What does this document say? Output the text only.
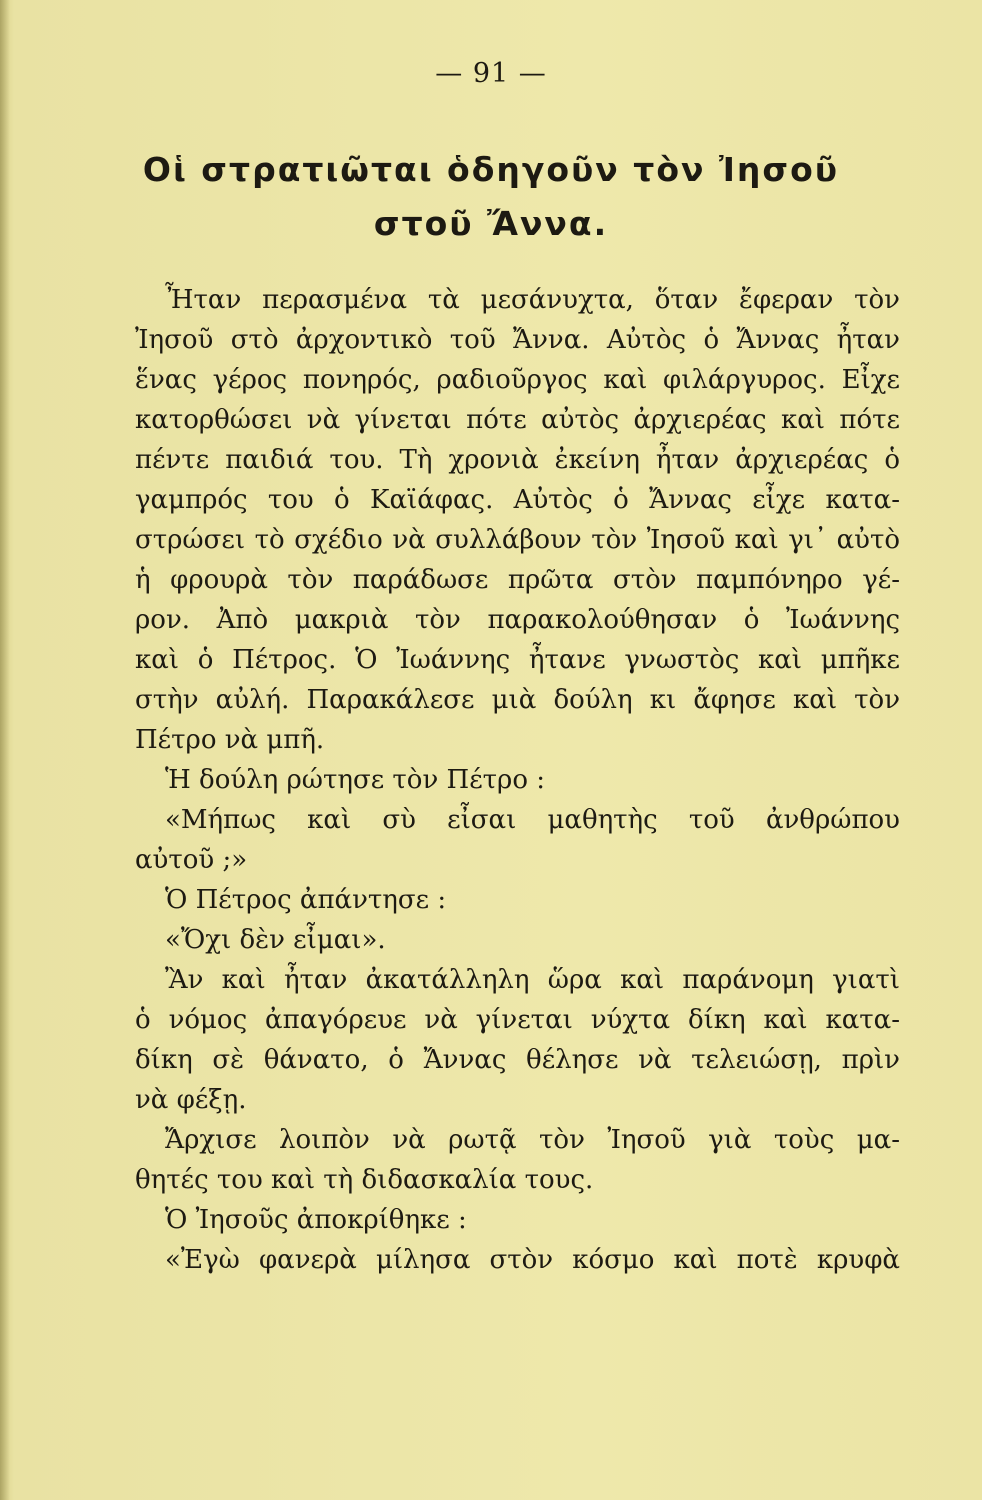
— 91 —
Οἱ στρατιῶται ὁδηγοῦν τὸν Ἰησοῦ
στοῦ Ἄννα.
Ἦταν περασμένα τὰ μεσάνυχτα, ὅταν ἔφεραν τὸν
Ἰησοῦ στὸ ἀρχοντικὸ τοῦ Ἄννα. Αὐτὸς ὁ Ἄννας ἦταν
ἕνας γέρος πονηρός, ραδιοῦργος καὶ φιλάργυρος. Εἶχε
κατορθώσει νὰ γίνεται πότε αὐτὸς ἀρχιερέας καὶ πότε
πέντε παιδιά του. Τὴ χρονιὰ ἐκείνη ἦταν ἀρχιερέας ὁ
γαμπρός του ὁ Καϊάφας. Αὐτὸς ὁ Ἄννας εἶχε κατα-
στρώσει τὸ σχέδιο νὰ συλλάβουν τὸν Ἰησοῦ καὶ γι᾽ αὐτὸ
ἡ φρουρὰ τὸν παράδωσε πρῶτα στὸν παμπόνηρο γέ-
ρον. Ἀπὸ μακριὰ τὸν παρακολούθησαν ὁ Ἰωάννης
καὶ ὁ Πέτρος. Ὁ Ἰωάννης ἦτανε γνωστὸς καὶ μπῆκε
στὴν αὐλή. Παρακάλεσε μιὰ δούλη κι ἄφησε καὶ τὸν
Πέτρο νὰ μπῆ.
Ἡ δούλη ρώτησε τὸν Πέτρο :
«Μήπως καὶ σὺ εἶσαι μαθητὴς τοῦ ἀνθρώπου
αὐτοῦ ;»
Ὁ Πέτρος ἀπάντησε :
«Ὄχι δὲν εἶμαι».
Ἂν καὶ ἦταν ἀκατάλληλη ὥρα καὶ παράνομη γιατὶ
ὁ νόμος ἀπαγόρευε νὰ γίνεται νύχτα δίκη καὶ κατα-
δίκη σὲ θάνατο, ὁ Ἄννας θέλησε νὰ τελειώσῃ, πρὶν
νὰ φέξῃ.
Ἄρχισε λοιπὸν νὰ ρωτᾷ τὸν Ἰησοῦ γιὰ τοὺς μα-
θητές του καὶ τὴ διδασκαλία τους.
Ὁ Ἰησοῦς ἀποκρίθηκε :
«Ἐγὼ φανερὰ μίλησα στὸν κόσμο καὶ ποτὲ κρυφὰ
